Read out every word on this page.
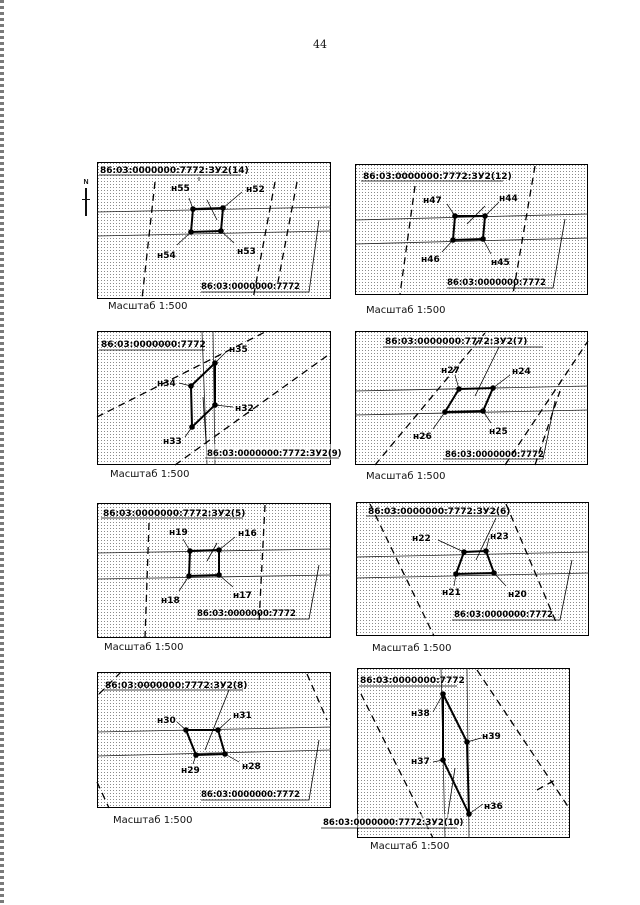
44
N
86:03:0000000:7772:ЗУ2(14)
н55	н52
н53
н54
86:03:0000000:7772
Масштаб 1:500
86:03:0000000:7772:ЗУ2(12)
н47	н44
н45
н46
86:03:0000000:7772
Масштаб 1:500
86:03:0000000:7772	н35
н32
н33
н34
86:03:0000000:7772:ЗУ2(9)
Масштаб 1:500
86:03:0000000:7772:ЗУ2(7)
н27	н24
н25
н26
86:03:0000000:7772
Масштаб 1:500
86:03:0000000:7772:ЗУ2(5)
н19	н16
н17
н18
86:03:0000000:7772
Масштаб 1:500
86:03:0000000:7772:ЗУ2(6)
н22	н23
н20
н21
86:03:0000000:7772
Масштаб 1:500
86:03:0000000:7772:ЗУ2(8)
н30	н31
н28
н29
86:03:0000000:7772
Масштаб 1:500
86:03:0000000:7772
н38
н39
н36
н37
86:03:0000000:7772:ЗУ2(10)
Масштаб 1:500
